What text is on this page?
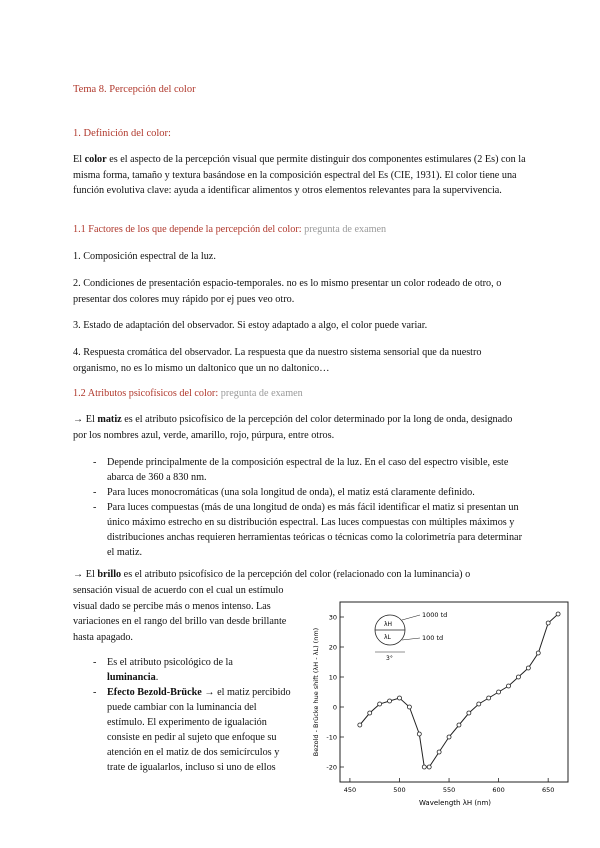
Tema 8. Percepción del color
1. Definición del color:
El color es el aspecto de la percepción visual que permite distinguir dos componentes estimulares (2 Es) con la misma forma, tamaño y textura basándose en la composición espectral del Es (CIE, 1931). El color tiene una función evolutiva clave: ayuda a identificar alimentos y otros elementos relevantes para la supervivencia.
1.1 Factores de los que depende la percepción del color: pregunta de examen
1. Composición espectral de la luz.
2. Condiciones de presentación espacio-temporales. no es lo mismo presentar un color rodeado de otro, o presentar dos colores muy rápido por ej pues veo otro.
3. Estado de adaptación del observador. Si estoy adaptado a algo, el color puede variar.
4. Respuesta cromática del observador. La respuesta que da nuestro sistema sensorial que da nuestro organismo, no es lo mismo un daltonico que un no daltonico…
1.2 Atributos psicofísicos del color: pregunta de examen
→ El matiz es el atributo psicofísico de la percepción del color determinado por la long de onda, designado por los nombres azul, verde, amarillo, rojo, púrpura, entre otros.
-	Depende principalmente de la composición espectral de la luz. En el caso del espectro visible, este abarca de 360 a 830 nm.
-	Para luces monocromáticas (una sola longitud de onda), el matiz está claramente definido.
-	Para luces compuestas (más de una longitud de onda) es más fácil identificar el matiz si presentan un único máximo estrecho en su distribución espectral. Las luces compuestas con múltiples máximos y distribuciones anchas requieren herramientas teóricas o técnicas como la colorimetría para determinar el matiz.
→ El brillo es el atributo psicofísico de la percepción del color (relacionado con la luminancia) o
sensación visual de acuerdo con el cual un estímulo visual dado se percibe más o menos intenso. Las variaciones en el rango del brillo van desde brillante hasta apagado.
-	Es el atributo psicológico de la luminancia.
-	Efecto Bezold-Brücke → el matiz percibido puede cambiar con la luminancia del estímulo. El experimento de igualación consiste en pedir al sujeto que enfoque su atención en el matiz de dos semicírculos y trate de igualarlos, incluso si uno de ellos
30
20
10
0
-10
-20
450	500	550	600	650
λH
λL
1000 td
100 td
3°
Wavelength λH (nm)
Bezold - Brücke hue shift (λH - λL) (nm)
